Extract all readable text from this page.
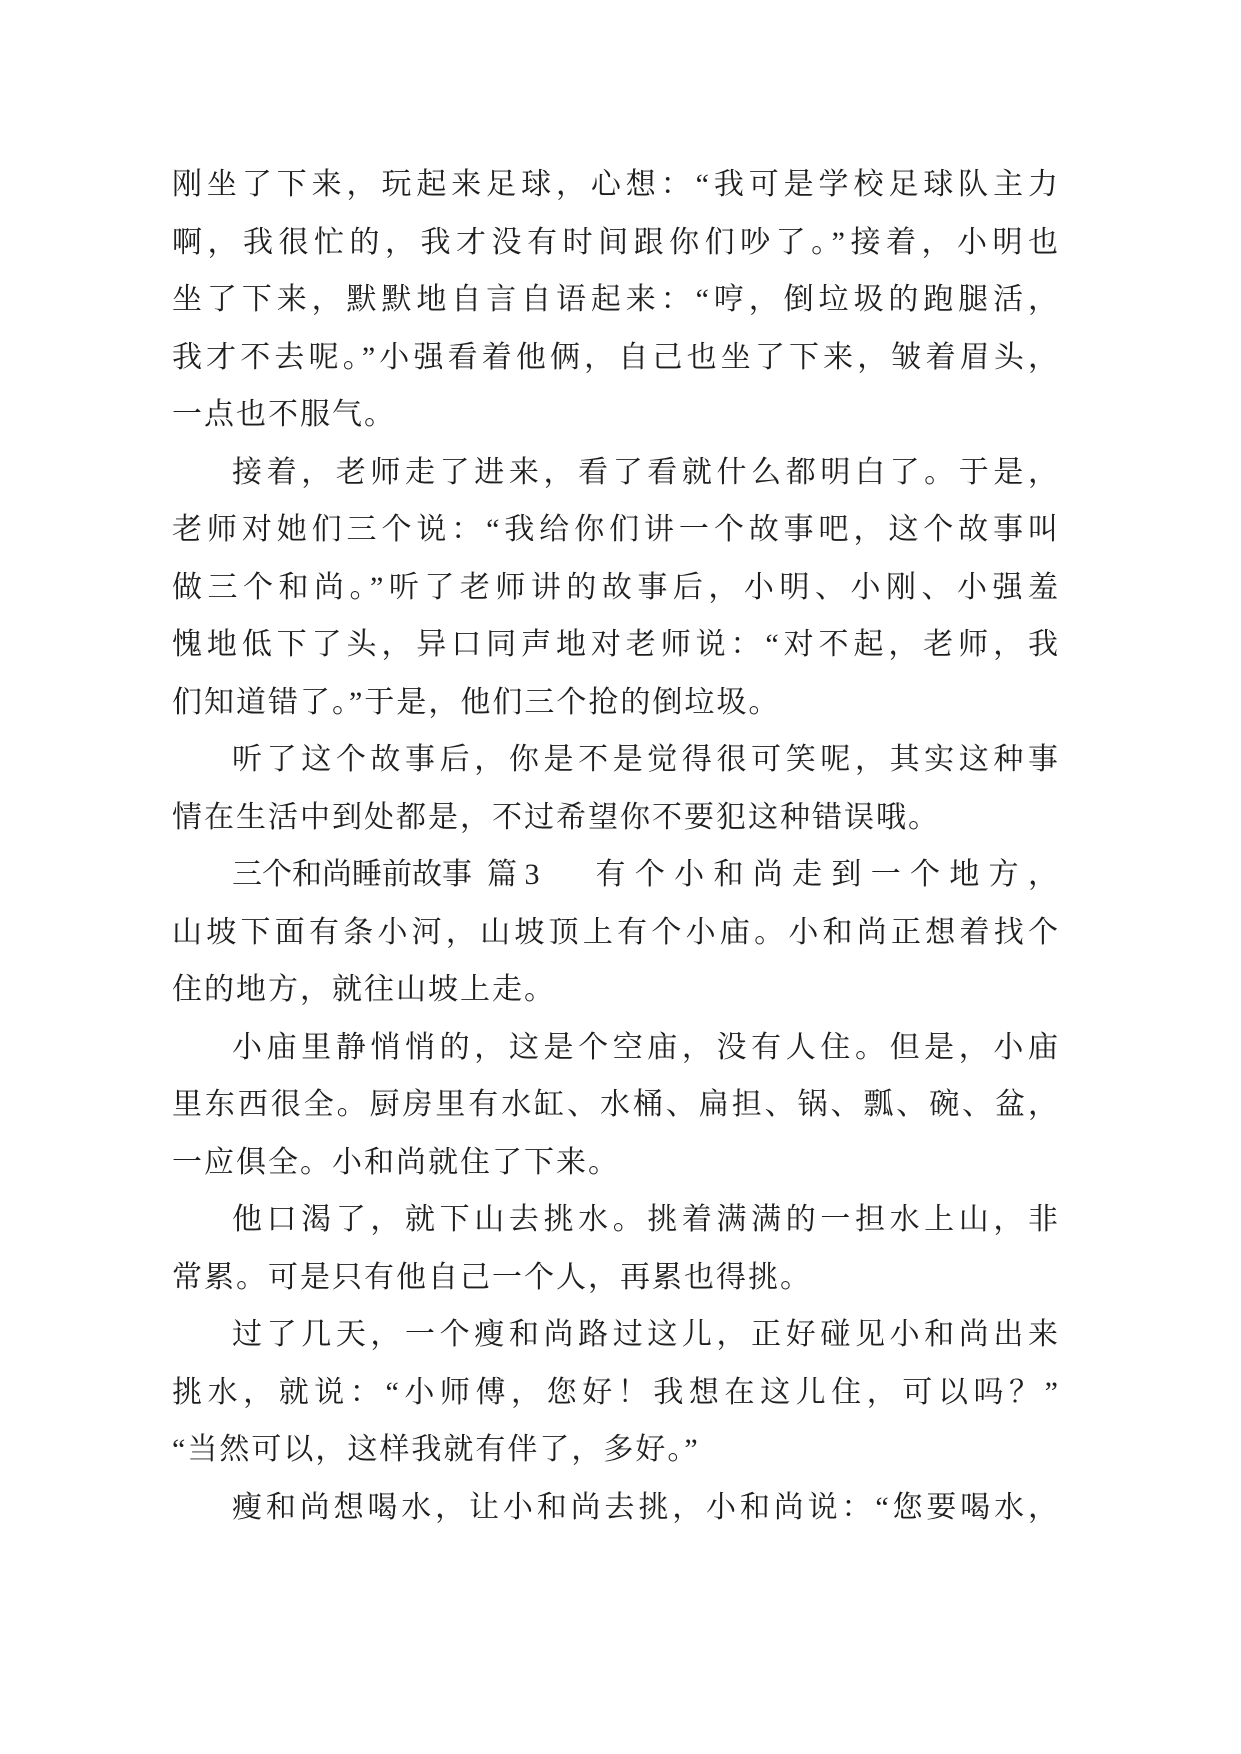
刚坐了下来，玩起来足球，心想：“我可是学校足球队主力
啊，我很忙的，我才没有时间跟你们吵了。”接着，小明也
坐了下来，默默地自言自语起来：“哼，倒垃圾的跑腿活，
我才不去呢。”小强看着他俩，自己也坐了下来，皱着眉头，
一点也不服气。
接着，老师走了进来，看了看就什么都明白了。于是，
老师对她们三个说：“我给你们讲一个故事吧，这个故事叫
做三个和尚。”听了老师讲的故事后，小明、小刚、小强羞
愧地低下了头，异口同声地对老师说：“对不起，老师，我
们知道错了。”于是，他们三个抢的倒垃圾。
听了这个故事后，你是不是觉得很可笑呢，其实这种事
情在生活中到处都是，不过希望你不要犯这种错误哦。
三个和尚睡前故事  篇 3 有个小和尚走到一个地方，
山坡下面有条小河，山坡顶上有个小庙。小和尚正想着找个
住的地方，就往山坡上走。
小庙里静悄悄的，这是个空庙，没有人住。但是，小庙
里东西很全。厨房里有水缸、水桶、扁担、锅、瓢、碗、盆，
一应俱全。小和尚就住了下来。
他口渴了，就下山去挑水。挑着满满的一担水上山，非
常累。可是只有他自己一个人，再累也得挑。
过了几天，一个瘦和尚路过这儿，正好碰见小和尚出来
挑水，就说：“小师傅，您好！我想在这儿住，可以吗？”
“当然可以，这样我就有伴了，多好。”
瘦和尚想喝水，让小和尚去挑，小和尚说：“您要喝水，
